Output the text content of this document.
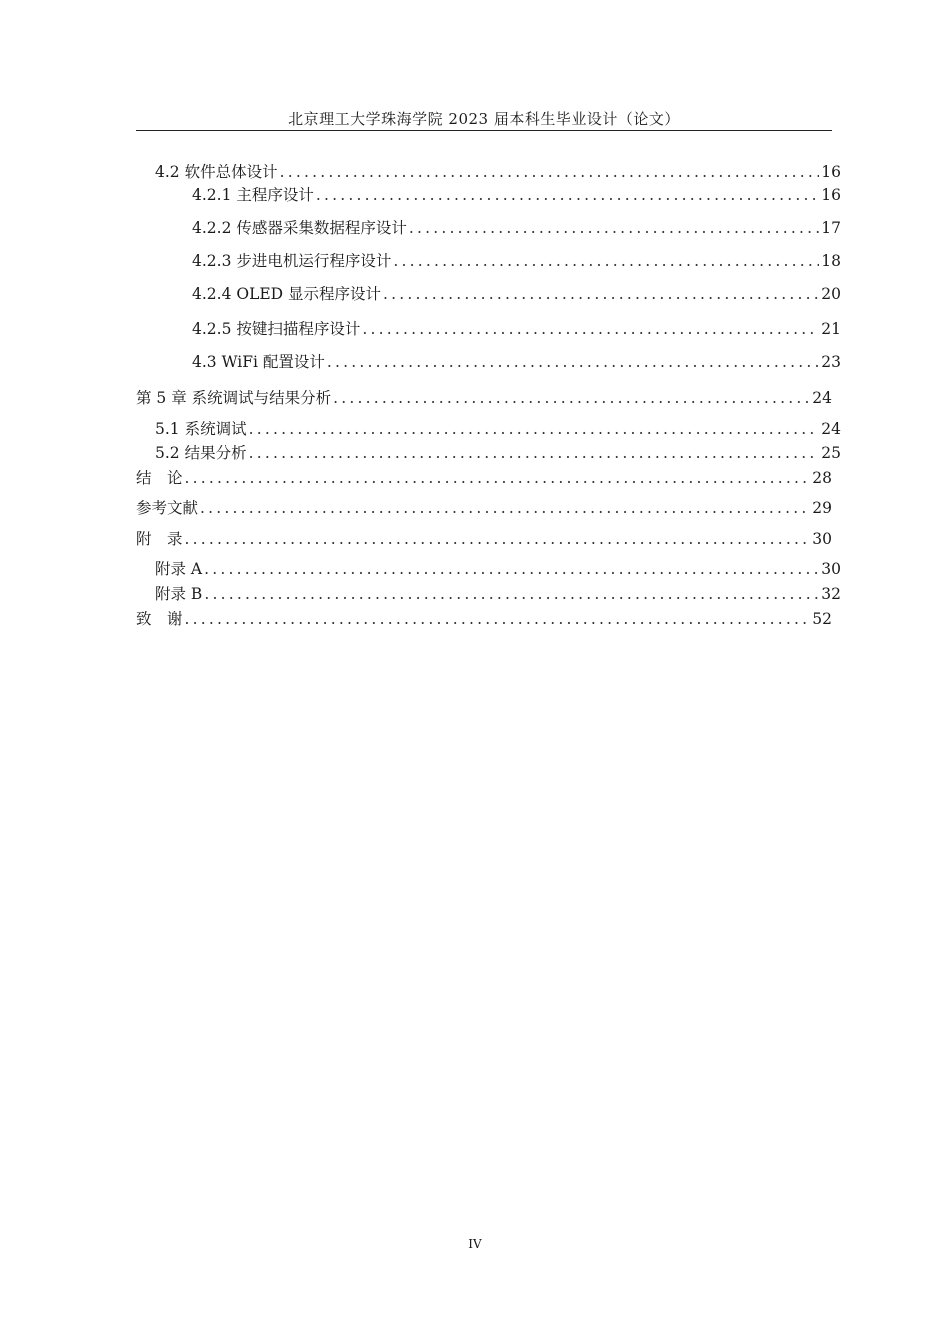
北京理工大学珠海学院 2023 届本科生毕业设计（论文）
4.2 软件总体设计 .....	16
4.2.1 主程序设计 .....	16
4.2.2 传感器采集数据程序设计 .....	17
4.2.3 步进电机运行程序设计 .....	18
4.2.4 OLED 显示程序设计 .....	20
4.2.5 按键扫描程序设计 .....	21
4.3 WiFi 配置设计 .....	23
第 5 章 系统调试与结果分析 .....	24
5.1 系统调试 .....	24
5.2 结果分析 .....	25
结　论 .....	28
参考文献 .....	29
附　录 .....	30
附录 A .....	30
附录 B .....	32
致　谢 .....	52
IV
